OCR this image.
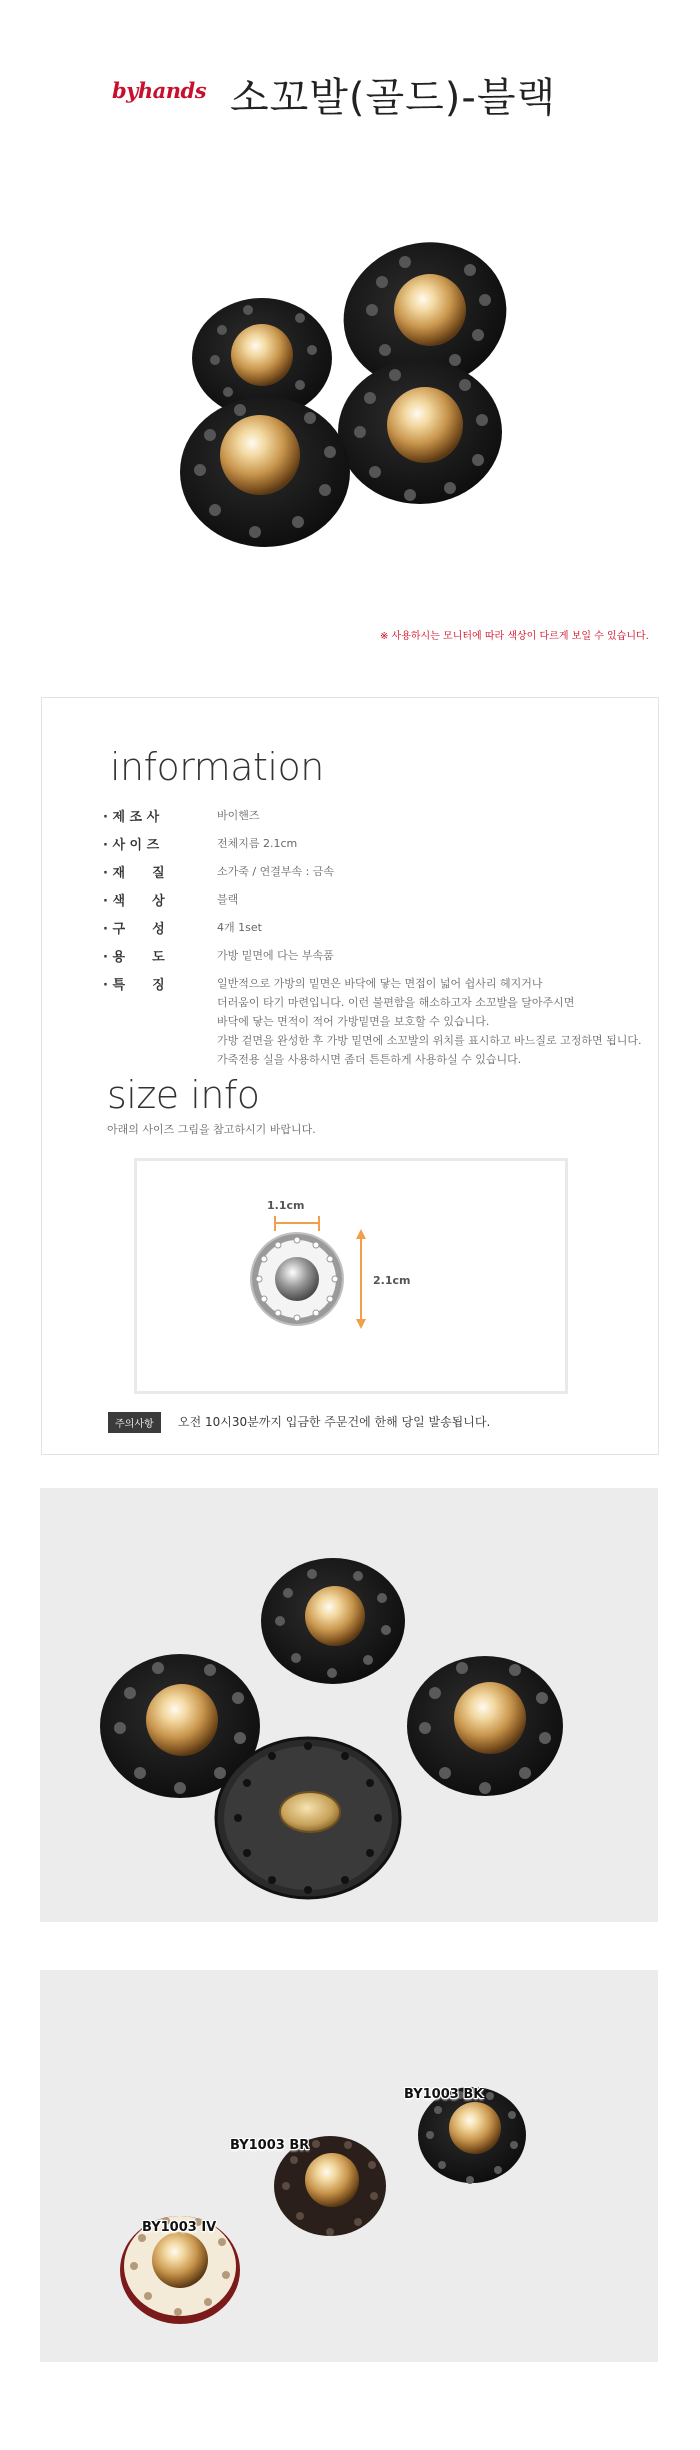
byhands 소꼬발(골드)-블랙
※ 사용하시는 모니터에 따라 색상이 다르게 보일 수 있습니다.
information
· 제 조 사	바이핸즈
· 사 이 즈	전체지름 2.1cm
· 재      질	소가죽 / 연결부속 : 금속
· 색      상	블랙
· 구      성	4개 1set
· 용      도	가방 밑면에 다는 부속품
· 특      징	일반적으로 가방의 밑면은 바닥에 닿는 면접이 넓어 쉽사리 헤지거나
더러움이 타기 마련입니다. 이런 불편함을 해소하고자 소꼬발을 달아주시면
바닥에 닿는 면적이 적어 가방밑면을 보호할 수 있습니다.
가방 겉면을 완성한 후 가방 밑면에 소꼬발의 위치를 표시하고 바느질로 고정하면 됩니다.
가죽전용 실을 사용하시면 좀더 튼튼하게 사용하실 수 있습니다.
size info
아래의 사이즈 그림을 참고하시기 바랍니다.
1.1cm
2.1cm
주의사항	오전 10시30분까지 입금한 주문건에 한해 당일 발송됩니다.
BY1003 BK
BY1003 BR
BY1003 IV
